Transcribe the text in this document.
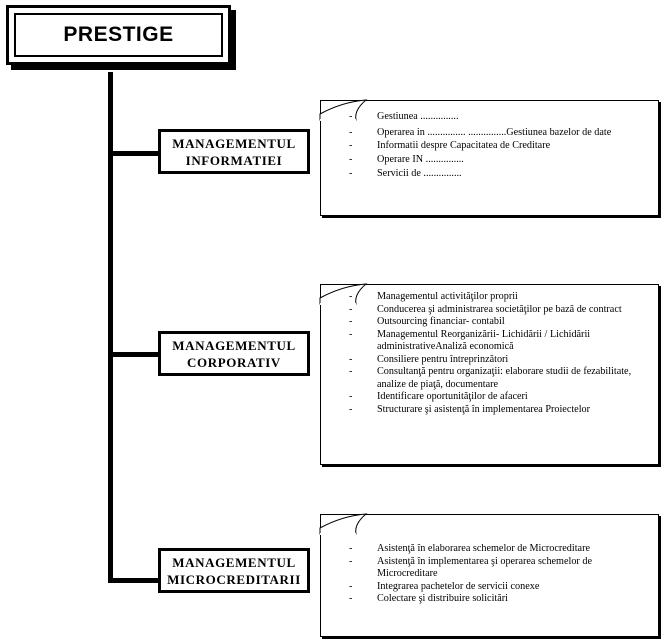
PRESTIGE
MANAGEMENTUL
INFORMATIEI
MANAGEMENTUL
CORPORATIV
MANAGEMENTUL
MICROCREDITARII
- Gestiunea ...............
- Operarea in ............... ...............Gestiunea bazelor de date
- Informatii despre Capacitatea de Creditare
- Operare IN ...............
- Servicii de ...............
- Managementul activităţilor proprii
- Conducerea şi administrarea societăţilor pe bază de contract
- Outsourcing financiar- contabil
- Managementul Reorganizării- Lichidării / Lichidării administrativeAnaliză economică
- Consiliere pentru întreprinzători
- Consultanţă pentru organizaţii: elaborare studii de fezabilitate, analize de piaţă, documentare
- Identificare oportunităţilor de afaceri
- Structurare şi asistenţă în implementarea Proiectelor
- Asistenţă în elaborarea schemelor de Microcreditare
- Asistenţă în implementarea şi operarea schemelor de Microcreditare
- Integrarea pachetelor de servicii conexe
- Colectare şi distribuire solicitări
